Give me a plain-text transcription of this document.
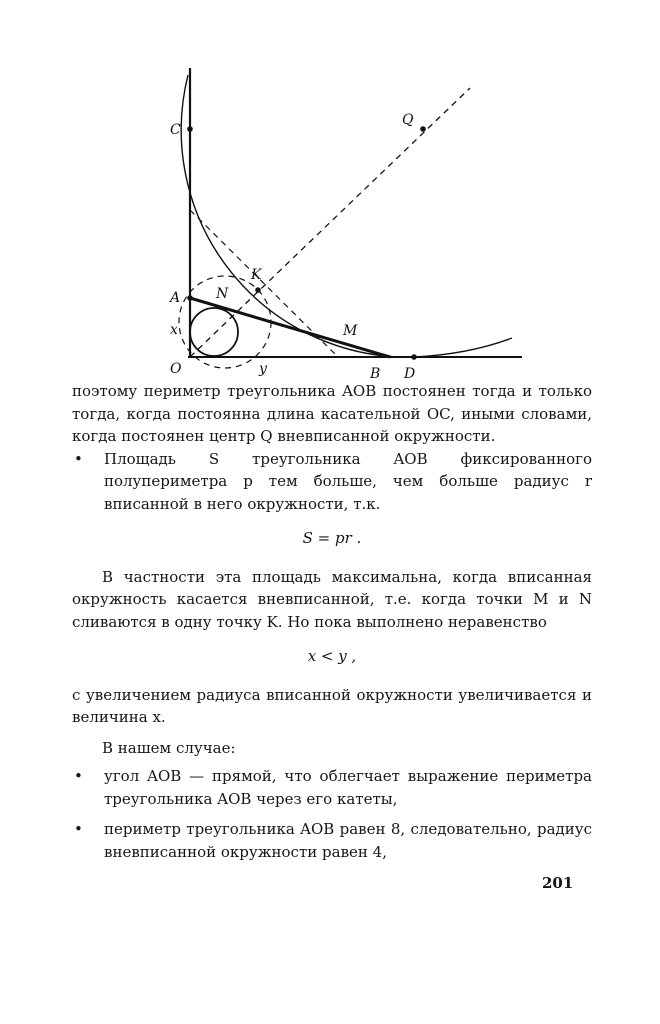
C
Q
K
A	N
x	M
O	y	B D

поэтому периметр треугольника AOB постоянен тогда и только тогда, когда постоянна длина касательной OC, иными словами, когда постоянен центр Q вневписанной окружности.

• Площадь S треугольника AOB фиксированного полупериметра p тем больше, чем больше радиус r вписанной в него окружности, т.к.

S = pr .

В частности эта площадь максимальна, когда вписанная окружность касается вневписанной, т.е. когда точки M и N сливаются в одну точку K. Но пока выполнено неравенство

x < y ,

с увеличением радиуса вписанной окружности увеличивается и величина x.

В нашем случае:

• угол AOB — прямой, что облегчает выражение периметра треугольника AOB через его катеты,
• периметр треугольника AOB равен 8, следовательно, радиус вневписанной окружности равен 4,
201
